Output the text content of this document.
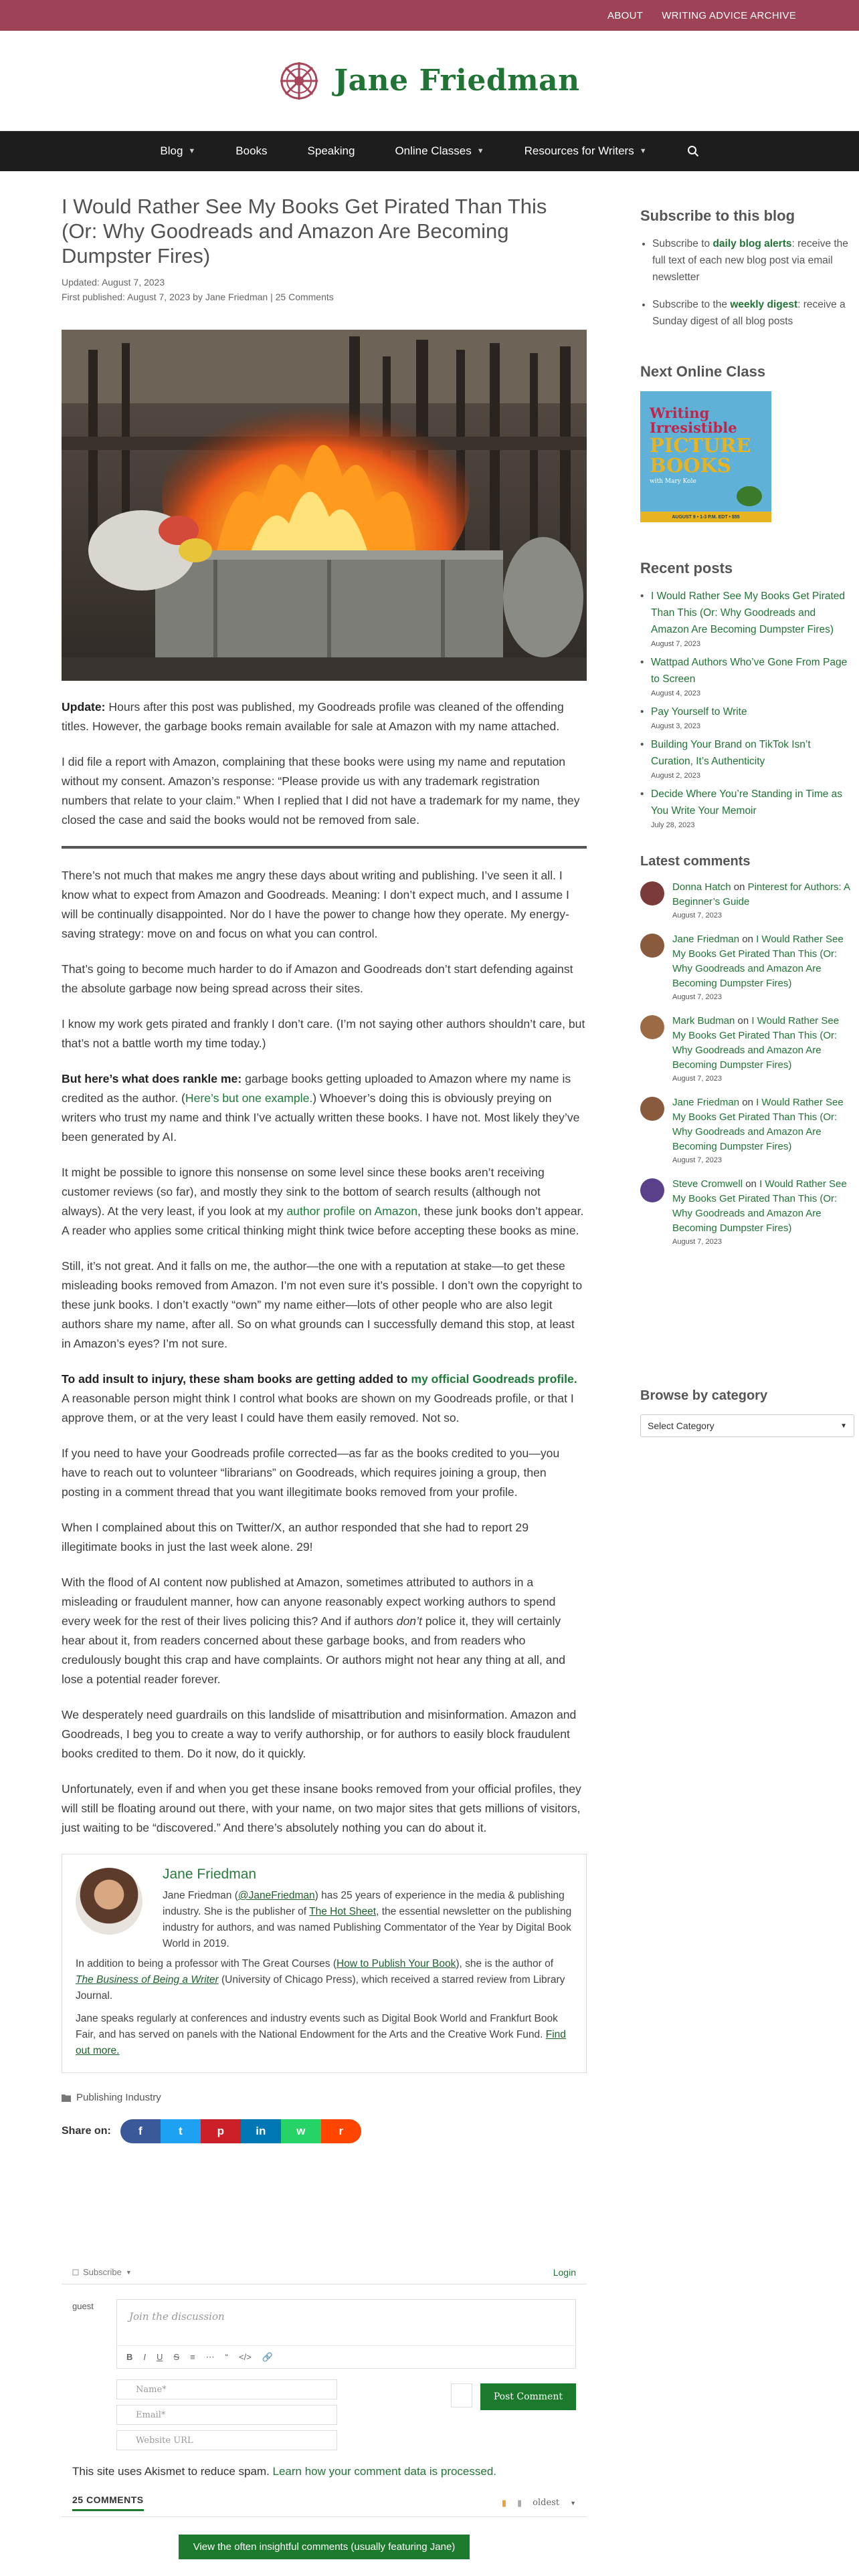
ABOUT WRITING ADVICE ARCHIVE
Jane Friedman
Blog ▼	Books	Speaking	Online Classes ▼	Resources for Writers ▼
I Would Rather See My Books Get Pirated Than This (Or: Why Goodreads and Amazon Are Becoming Dumpster Fires)
Updated: August 7, 2023
First published: August 7, 2023 by Jane Friedman | 25 Comments

Update: Hours after this post was published, my Goodreads profile was cleaned of the offending titles. However, the garbage books remain available for sale at Amazon with my name attached.

I did file a report with Amazon, complaining that these books were using my name and reputation without my consent. Amazon’s response: “Please provide us with any trademark registration numbers that relate to your claim.” When I replied that I did not have a trademark for my name, they closed the case and said the books would not be removed from sale.

There’s not much that makes me angry these days about writing and publishing. I’ve seen it all. I know what to expect from Amazon and Goodreads. Meaning: I don’t expect much, and I assume I will be continually disappointed. Nor do I have the power to change how they operate. My energy-saving strategy: move on and focus on what you can control.

That’s going to become much harder to do if Amazon and Goodreads don’t start defending against the absolute garbage now being spread across their sites.

I know my work gets pirated and frankly I don’t care. (I’m not saying other authors shouldn’t care, but that’s not a battle worth my time today.)

But here’s what does rankle me: garbage books getting uploaded to Amazon where my name is credited as the author. (Here’s but one example.) Whoever’s doing this is obviously preying on writers who trust my name and think I’ve actually written these books. I have not. Most likely they’ve been generated by AI.

It might be possible to ignore this nonsense on some level since these books aren’t receiving customer reviews (so far), and mostly they sink to the bottom of search results (although not always). At the very least, if you look at my author profile on Amazon, these junk books don’t appear. A reader who applies some critical thinking might think twice before accepting these books as mine.

Still, it’s not great. And it falls on me, the author—the one with a reputation at stake—to get these misleading books removed from Amazon. I’m not even sure it’s possible. I don’t own the copyright to these junk books. I don’t exactly “own” my name either—lots of other people who are also legit authors share my name, after all. So on what grounds can I successfully demand this stop, at least in Amazon’s eyes? I’m not sure.

To add insult to injury, these sham books are getting added to my official Goodreads profile. A reasonable person might think I control what books are shown on my Goodreads profile, or that I approve them, or at the very least I could have them easily removed. Not so.

If you need to have your Goodreads profile corrected—as far as the books credited to you—you have to reach out to volunteer “librarians” on Goodreads, which requires joining a group, then posting in a comment thread that you want illegitimate books removed from your profile.

When I complained about this on Twitter/X, an author responded that she had to report 29 illegitimate books in just the last week alone. 29!

With the flood of AI content now published at Amazon, sometimes attributed to authors in a misleading or fraudulent manner, how can anyone reasonably expect working authors to spend every week for the rest of their lives policing this? And if authors don’t police it, they will certainly hear about it, from readers concerned about these garbage books, and from readers who credulously bought this crap and have complaints. Or authors might not hear any thing at all, and lose a potential reader forever.

We desperately need guardrails on this landslide of misattribution and misinformation. Amazon and Goodreads, I beg you to create a way to verify authorship, or for authors to easily block fraudulent books credited to them. Do it now, do it quickly.

Unfortunately, even if and when you get these insane books removed from your official profiles, they will still be floating around out there, with your name, on two major sites that gets millions of visitors, just waiting to be “discovered.” And there’s absolutely nothing you can do about it.

Jane Friedman
Jane Friedman (@JaneFriedman) has 25 years of experience in the media & publishing industry. She is the publisher of The Hot Sheet, the essential newsletter on the publishing industry for authors, and was named Publishing Commentator of the Year by Digital Book World in 2019.
In addition to being a professor with The Great Courses (How to Publish Your Book), she is the author of The Business of Being a Writer (University of Chicago Press), which received a starred review from Library Journal.
Jane speaks regularly at conferences and industry events such as Digital Book World and Frankfurt Book Fair, and has served on panels with the National Endowment for the Arts and the Creative Work Fund. Find out more.
Publishing Industry
Share on: f	t	p	in	w	r
Subscribe ▼	Login
guest
Join the discussion
B I U S ≡ ⋯ “ </> 🔗
Name*
Email*
Website URL
Post Comment
This site uses Akismet to reduce spam. Learn how your comment data is processed.
25 COMMENTS	▮ ▮ oldest ▼
View the often insightful comments (usually featuring Jane)
Subscribe to this blog
• Subscribe to daily blog alerts: receive the full text of each new blog post via email newsletter
• Subscribe to the weekly digest: receive a Sunday digest of all blog posts
Next Online Class
Writing
Irresistible
PICTURE
BOOKS
with Mary Kole
AUGUST 9 • 1-3 P.M. EDT • $55
Recent posts
• I Would Rather See My Books Get Pirated Than This (Or: Why Goodreads and Amazon Are Becoming Dumpster Fires)
August 7, 2023
• Wattpad Authors Who’ve Gone From Page to Screen
August 4, 2023
• Pay Yourself to Write
August 3, 2023
• Building Your Brand on TikTok Isn’t Curation, It’s Authenticity
August 2, 2023
• Decide Where You’re Standing in Time as You Write Your Memoir
July 28, 2023
Latest comments
Donna Hatch on Pinterest for Authors: A Beginner’s Guide
August 7, 2023
Jane Friedman on I Would Rather See My Books Get Pirated Than This (Or: Why Goodreads and Amazon Are Becoming Dumpster Fires)
August 7, 2023
Mark Budman on I Would Rather See My Books Get Pirated Than This (Or: Why Goodreads and Amazon Are Becoming Dumpster Fires)
August 7, 2023
Jane Friedman on I Would Rather See My Books Get Pirated Than This (Or: Why Goodreads and Amazon Are Becoming Dumpster Fires)
August 7, 2023
Steve Cromwell on I Would Rather See My Books Get Pirated Than This (Or: Why Goodreads and Amazon Are Becoming Dumpster Fires)
August 7, 2023
Browse by category
Select Category	▼
